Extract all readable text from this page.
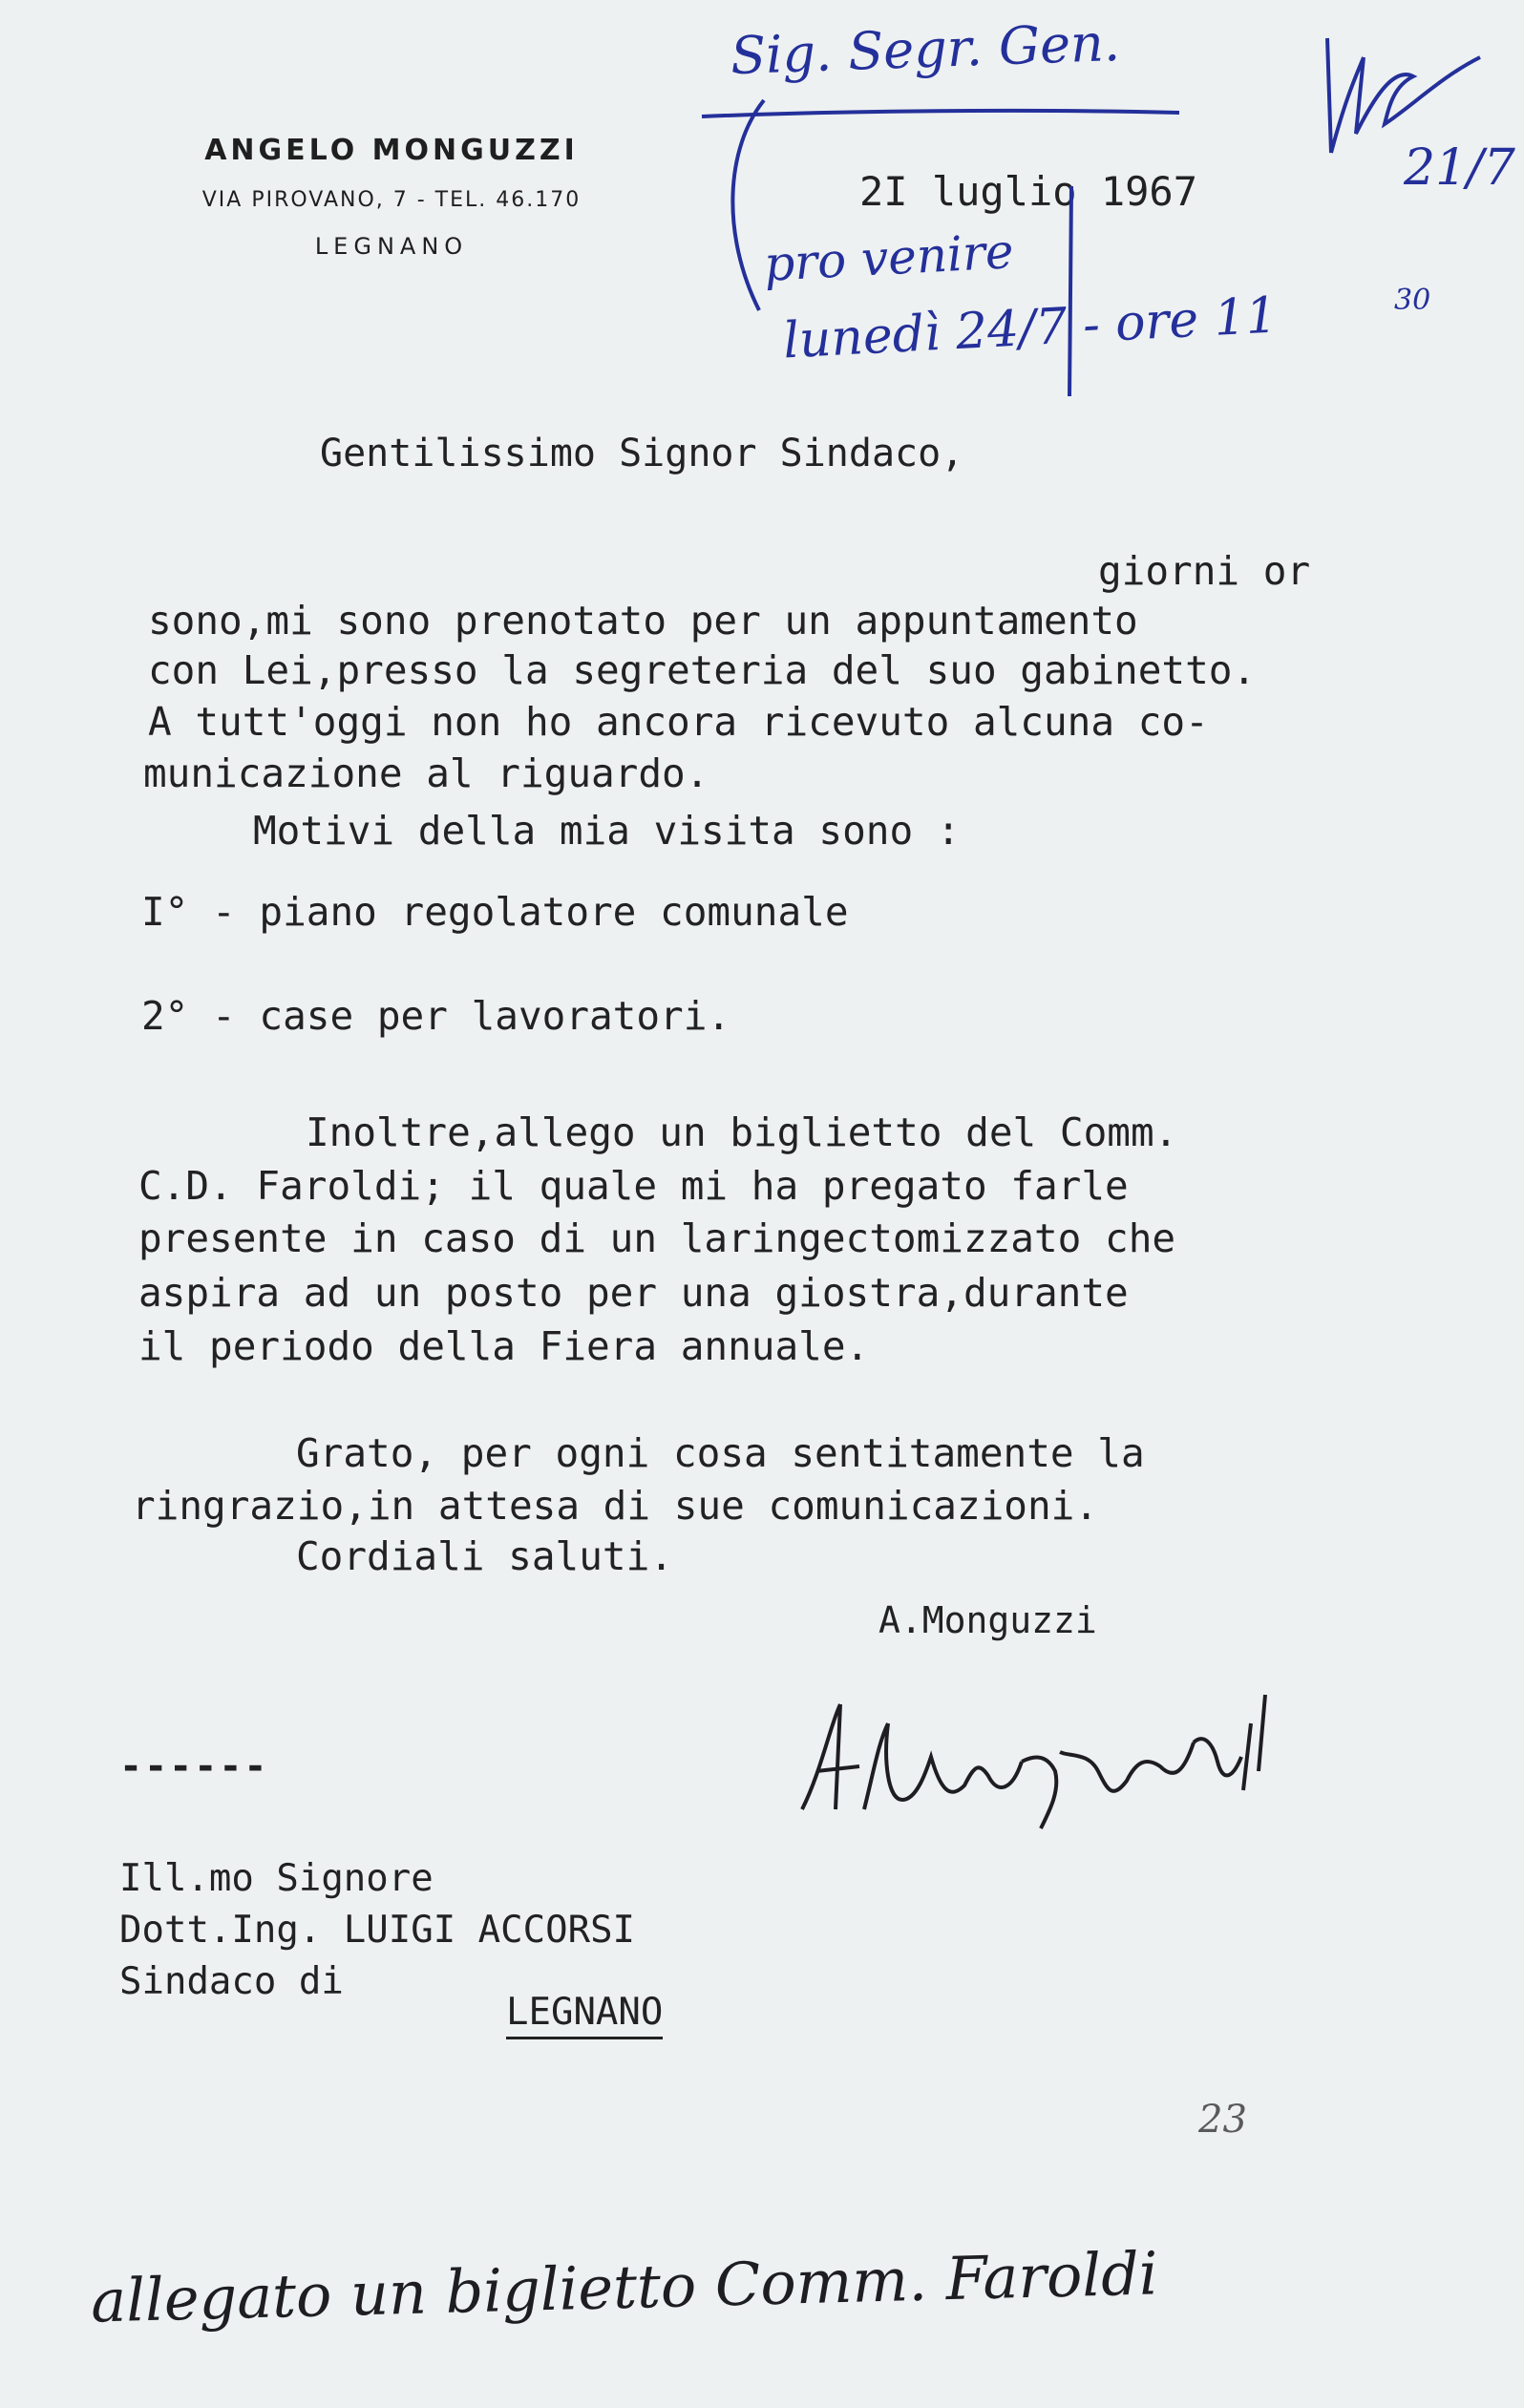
ANGELO MONGUZZI
VIA PIROVANO, 7 - TEL. 46.170
LEGNANO
Sig. Segr. Gen.
2I luglio 1967
pro venire
lunedì 24/7 - ore 11	30
21/7
Gentilissimo Signor Sindaco,
giorni or
sono,mi sono prenotato per un appuntamento
con Lei,presso la segreteria del suo gabinetto.
A tutt'oggi non ho ancora ricevuto alcuna co-
municazione al riguardo.
Motivi della mia visita sono :
I° - piano regolatore comunale
2° - case per lavoratori.
Inoltre,allego un biglietto del Comm.
C.D. Faroldi; il quale mi ha pregato farle
presente in caso di un laringectomizzato che
aspira ad un posto per una giostra,durante
il periodo della Fiera annuale.
Grato, per ogni cosa sentitamente la
ringrazio,in attesa di sue comunicazioni.
Cordiali saluti.
A.Monguzzi
------
Ill.mo Signore
Dott.Ing. LUIGI ACCORSI
Sindaco di
LEGNANO
23
allegato un biglietto Comm. Faroldi
